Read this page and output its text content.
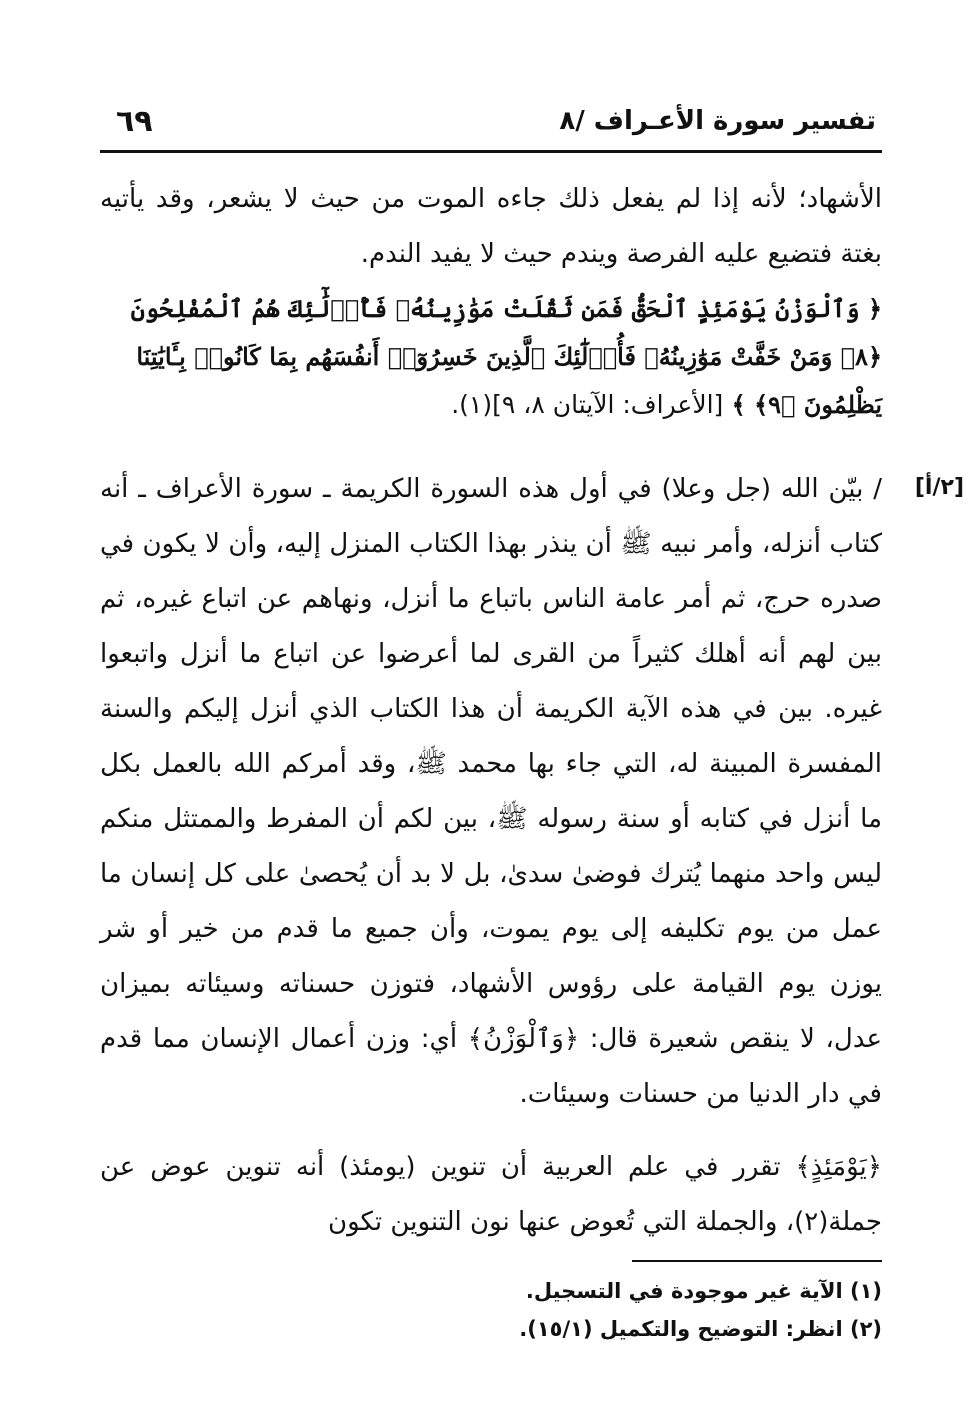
تفسير سورة الأعـراف /٨
٦٩

الأشهاد؛ لأنه إذا لم يفعل ذلك جاءه الموت من حيث لا يشعر، وقد يأتيه بغتة فتضيع عليه الفرصة ويندم حيث لا يفيد الندم.

﴿ وَٱلْوَزْنُ يَوْمَئِذٍ ٱلْحَقُّ فَمَن ثَقُلَتْ مَوَٰزِينُهُۥ فَأُو۟لَٰٓئِكَ هُمُ ٱلْمُفْلِحُونَ ﴿٨﴾ وَمَنْ خَفَّتْ مَوَٰزِينُهُۥ فَأُو۟لَٰٓئِكَ ٱلَّذِينَ خَسِرُوٓا۟ أَنفُسَهُم بِمَا كَانُوا۟ بِـَٔايَٰتِنَا يَظْلِمُونَ ﴿٩﴾ ﴾ [الأعراف: الآيتان ٨، ٩](١).
[٢/أ]

/ بيّن الله (جل وعلا) في أول هذه السورة الكريمة ـ سورة الأعراف ـ أنه كتاب أنزله، وأمر نبيه ﷺ أن ينذر بهذا الكتاب المنزل إليه، وأن لا يكون في صدره حرج، ثم أمر عامة الناس باتباع ما أنزل، ونهاهم عن اتباع غيره، ثم بين لهم أنه أهلك كثيراً من القرى لما أعرضوا عن اتباع ما أنزل واتبعوا غيره. بين في هذه الآية الكريمة أن هذا الكتاب الذي أنزل إليكم والسنة المفسرة المبينة له، التي جاء بها محمد ﷺ، وقد أمركم الله بالعمل بكل ما أنزل في كتابه أو سنة رسوله ﷺ، بين لكم أن المفرط والممتثل منكم ليس واحد منهما يُترك فوضىٰ سدىٰ، بل لا بد أن يُحصىٰ على كل إنسان ما عمل من يوم تكليفه إلى يوم يموت، وأن جميع ما قدم من خير أو شر يوزن يوم القيامة على رؤوس الأشهاد، فتوزن حسناته وسيئاته بميزان عدل، لا ينقص شعيرة قال: ﴿وَٱلْوَزْنُ﴾ أي: وزن أعمال الإنسان مما قدم في دار الدنيا من حسنات وسيئات.

﴿يَوْمَئِذٍ﴾ تقرر في علم العربية أن تنوين (يومئذ) أنه تنوين عوض عن جملة(٢)، والجملة التي تُعوض عنها نون التنوين تكون

(١) الآية غير موجودة في التسجيل.
(٢) انظر: التوضيح والتكميل (١٥/١).
